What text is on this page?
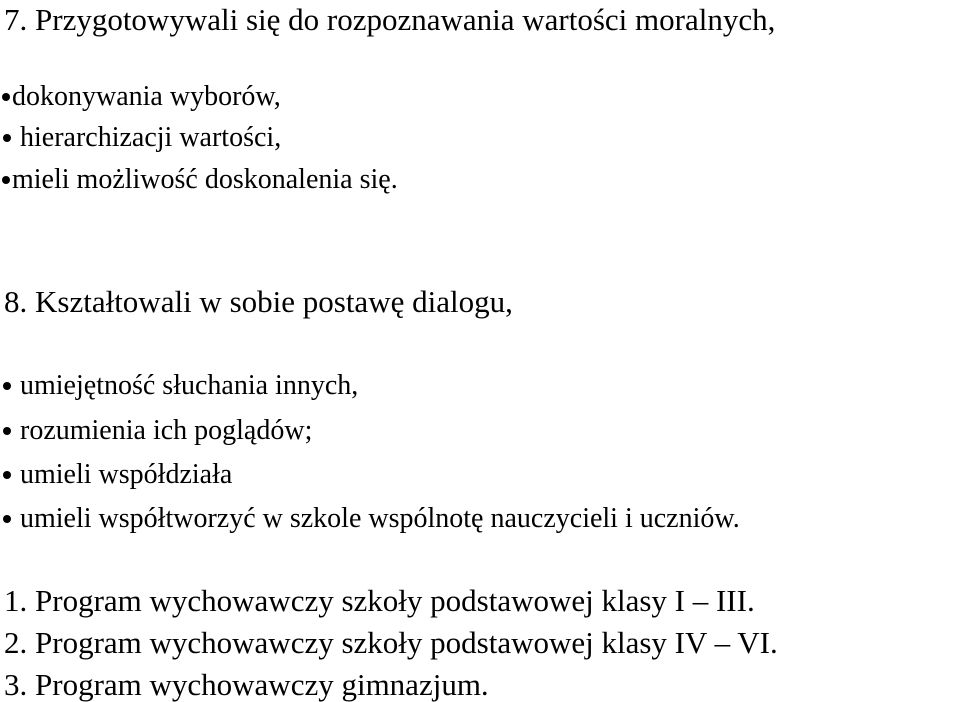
7. Przygotowywali się do rozpoznawania wartości moralnych,
dokonywania wyborów,
hierarchizacji wartości,
mieli możliwość doskonalenia się.
8. Kształtowali w sobie postawę dialogu,
umiejętność słuchania innych,
rozumienia ich poglądów;
umieli współdziała
umieli współtworzyć w szkole wspólnotę nauczycieli i uczniów.
1. Program wychowawczy szkoły podstawowej klasy I – III.
2. Program wychowawczy szkoły podstawowej klasy IV – VI.
3. Program wychowawczy gimnazjum.
